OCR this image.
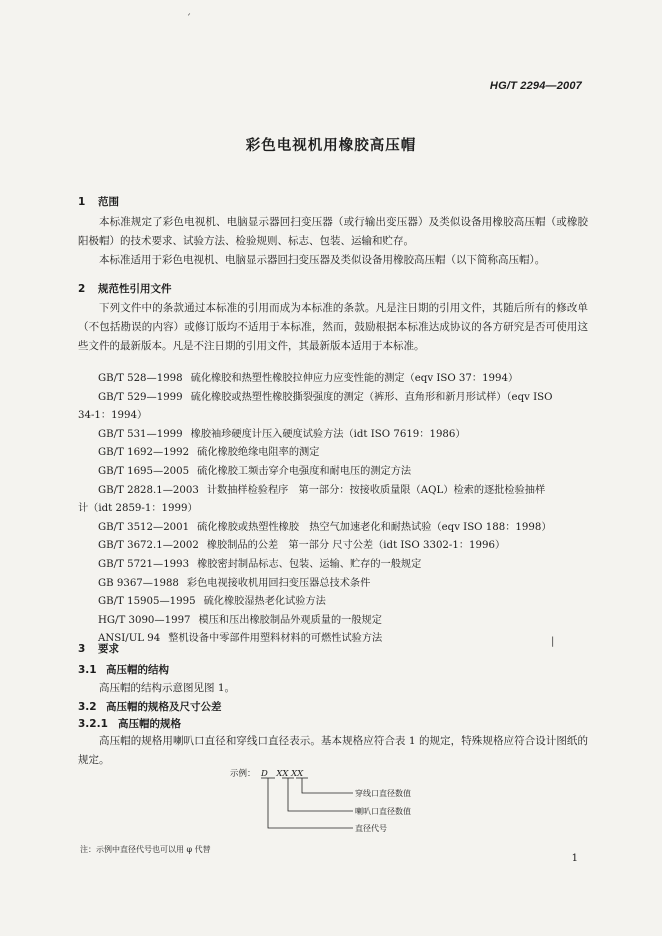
HG/T 2294—2007
彩色电视机用橡胶高压帽
1 范围
本标准规定了彩色电视机、电脑显示器回扫变压器（或行输出变压器）及类似设备用橡胶高压帽（或橡胶阳极帽）的技术要求、试验方法、检验规则、标志、包装、运输和贮存。
本标准适用于彩色电视机、电脑显示器回扫变压器及类似设备用橡胶高压帽（以下简称高压帽）。
2 规范性引用文件
下列文件中的条款通过本标准的引用而成为本标准的条款。凡是注日期的引用文件，其随后所有的修改单（不包括勘误的内容）或修订版均不适用于本标准，然而，鼓励根据本标准达成协议的各方研究是否可使用这些文件的最新版本。凡是不注日期的引用文件，其最新版本适用于本标准。
GB/T 528—1998 硫化橡胶和热塑性橡胶拉伸应力应变性能的测定（eqv ISO 37：1994）
GB/T 529—1999 硫化橡胶或热塑性橡胶撕裂强度的测定（裤形、直角形和新月形试样）（eqv ISO
34-1：1994）
GB/T 531—1999 橡胶袖珍硬度计压入硬度试验方法（idt ISO 7619：1986）
GB/T 1692—1992 硫化橡胶绝缘电阻率的测定
GB/T 1695—2005 硫化橡胶工频击穿介电强度和耐电压的测定方法
GB/T 2828.1—2003 计数抽样检验程序　第一部分：按接收质量限（AQL）检索的逐批检验抽样
计（idt 2859-1：1999）
GB/T 3512—2001 硫化橡胶或热塑性橡胶　热空气加速老化和耐热试验（eqv ISO 188：1998）
GB/T 3672.1—2002 橡胶制品的公差　第一部分 尺寸公差（idt ISO 3302-1：1996）
GB/T 5721—1993 橡胶密封制品标志、包装、运输、贮存的一般规定
GB 9367—1988 彩色电视接收机用回扫变压器总技术条件
GB/T 15905—1995 硫化橡胶湿热老化试验方法
HG/T 3090—1997 模压和压出橡胶制品外观质量的一般规定
ANSI/UL 94 整机设备中零部件用塑料材料的可燃性试验方法
3 要求
3.1 高压帽的结构
高压帽的结构示意图见图 1。
3.2 高压帽的规格及尺寸公差
3.2.1 高压帽的规格
高压帽的规格用喇叭口直径和穿线口直径表示。基本规格应符合表 1 的规定，特殊规格应符合设计图纸的规定。
示例： D　XX XX
穿线口直径数值
喇叭口直径数值
直径代号
注：示例中直径代号也可以用 φ 代替
1
ˊ
|
